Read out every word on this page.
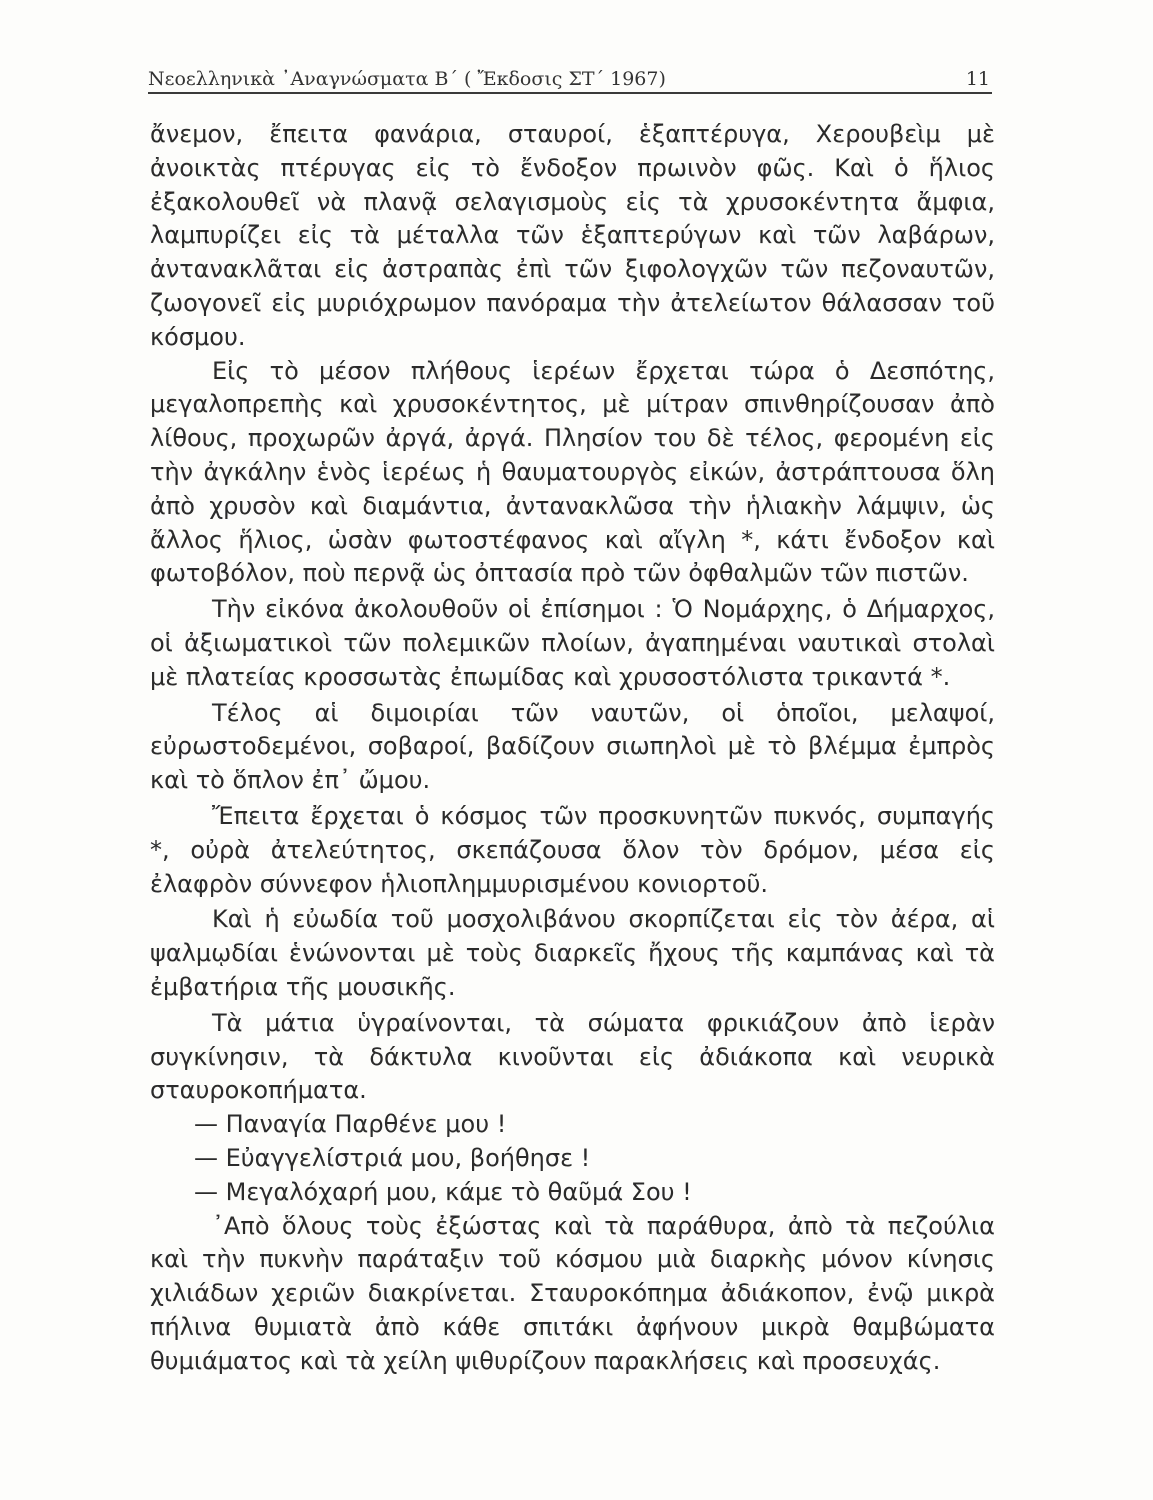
Νεοελληνικὰ ᾿Αναγνώσματα Β΄ ( Ἔκδοσις ΣΤ΄ 1967)	11

ἄνεμον, ἔπειτα φανάρια, σταυροί, ἑξαπτέρυγα, Χερουβεὶμ μὲ ἀνοικτὰς πτέρυγας εἰς τὸ ἔνδοξον πρωινὸν φῶς. Καὶ ὁ ἥλιος ἐξακολουθεῖ νὰ πλανᾷ σελαγισμοὺς εἰς τὰ χρυσοκέντητα ἄμφια, λαμπυρίζει εἰς τὰ μέταλλα τῶν ἑξαπτερύγων καὶ τῶν λαβάρων, ἀντανακλᾶται εἰς ἀστραπὰς ἐπὶ τῶν ξιφολογχῶν τῶν πεζοναυτῶν, ζωογονεῖ εἰς μυριόχρωμον πανόραμα τὴν ἀτελείωτον θάλασσαν τοῦ κόσμου.

Εἰς τὸ μέσον πλήθους ἱερέων ἔρχεται τώρα ὁ Δεσπότης, μεγαλοπρεπὴς καὶ χρυσοκέντητος, μὲ μίτραν σπινθηρίζουσαν ἀπὸ λίθους, προχωρῶν ἀργά, ἀργά. Πλησίον του δὲ τέλος, φερομένη εἰς τὴν ἀγκάλην ἑνὸς ἱερέως ἡ θαυματουργὸς εἰκών, ἀστράπτουσα ὅλη ἀπὸ χρυσὸν καὶ διαμάντια, ἀντανακλῶσα τὴν ἡλιακὴν λάμψιν, ὡς ἄλλος ἥλιος, ὡσὰν φωτοστέφανος καὶ αἴγλη *, κάτι ἔνδοξον καὶ φωτοβόλον, ποὺ περνᾷ ὡς ὀπτασία πρὸ τῶν ὀφθαλμῶν τῶν πιστῶν.

Τὴν εἰκόνα ἀκολουθοῦν οἱ ἐπίσημοι : Ὁ Νομάρχης, ὁ Δήμαρχος, οἱ ἀξιωματικοὶ τῶν πολεμικῶν πλοίων, ἀγαπημέναι ναυτικαὶ στολαὶ μὲ πλατείας κροσσωτὰς ἐπωμίδας καὶ χρυσοστόλιστα τρικαντά *.

Τέλος αἱ διμοιρίαι τῶν ναυτῶν, οἱ ὁποῖοι, μελαψοί, εὐρωστοδεμένοι, σοβαροί, βαδίζουν σιωπηλοὶ μὲ τὸ βλέμμα ἐμπρὸς καὶ τὸ ὅπλον ἐπ᾿ ὤμου.

Ἔπειτα ἔρχεται ὁ κόσμος τῶν προσκυνητῶν πυκνός, συμπαγής *, οὐρὰ ἀτελεύτητος, σκεπάζουσα ὅλον τὸν δρόμον, μέσα εἰς ἐλαφρὸν σύννεφον ἡλιοπλημμυρισμένου κονιορτοῦ.

Καὶ ἡ εὐωδία τοῦ μοσχολιβάνου σκορπίζεται εἰς τὸν ἀέρα, αἱ ψαλμῳδίαι ἑνώνονται μὲ τοὺς διαρκεῖς ἤχους τῆς καμπάνας καὶ τὰ ἐμβατήρια τῆς μουσικῆς.

Τὰ μάτια ὑγραίνονται, τὰ σώματα φρικιάζουν ἀπὸ ἱερὰν συγκίνησιν, τὰ δάκτυλα κινοῦνται εἰς ἀδιάκοπα καὶ νευρικὰ σταυροκοπήματα.

— Παναγία Παρθένε μου !

— Εὐαγγελίστριά μου, βοήθησε !

— Μεγαλόχαρή μου, κάμε τὸ θαῦμά Σου !

᾿Απὸ ὅλους τοὺς ἐξώστας καὶ τὰ παράθυρα, ἀπὸ τὰ πεζούλια καὶ τὴν πυκνὴν παράταξιν τοῦ κόσμου μιὰ διαρκὴς μόνον κίνησις χιλιάδων χεριῶν διακρίνεται. Σταυροκόπημα ἀδιάκοπον, ἐνῷ μικρὰ πήλινα θυμιατὰ ἀπὸ κάθε σπιτάκι ἀφήνουν μικρὰ θαμβώματα θυμιάματος καὶ τὰ χείλη ψιθυρίζουν παρακλήσεις καὶ προσευχάς.
